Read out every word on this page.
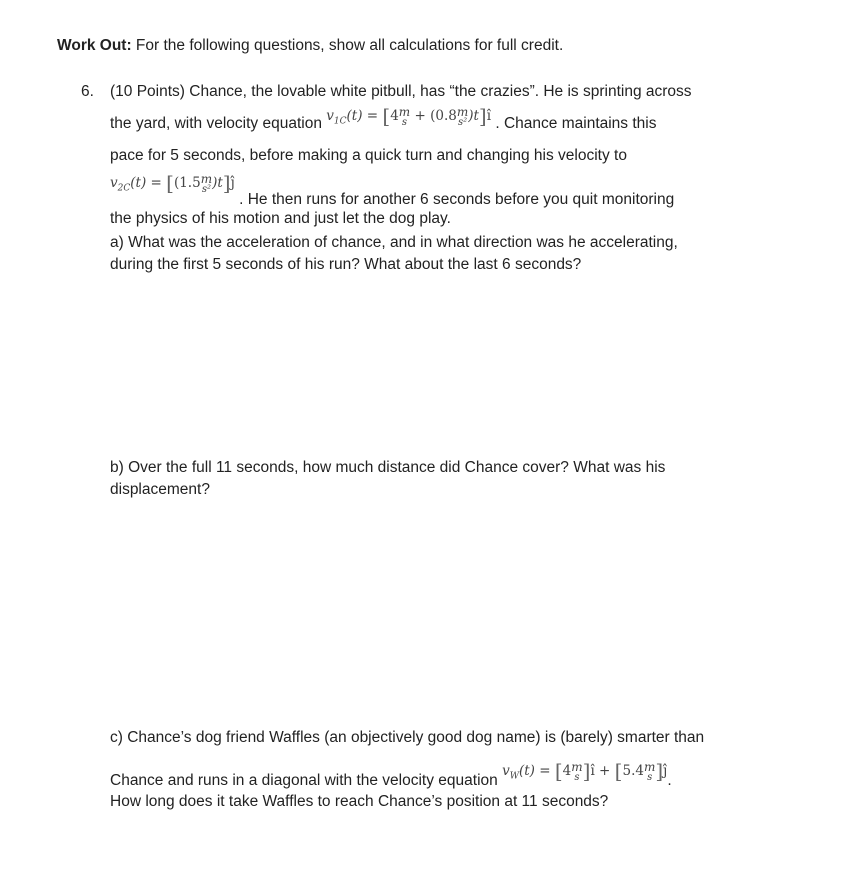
Work Out: For the following questions, show all calculations for full credit.

6. (10 Points) Chance, the lovable white pitbull, has “the crazies”. He is sprinting across
the yard, with velocity equation $v_{1C}(t) = [4$ m
s + (0.8 m
s² )t]î . Chance maintains this
pace for 5 seconds, before making a quick turn and changing his velocity to
$v_{2C}(t) = [(1.5$ m
s² )t]ĵ . He then runs for another 6 seconds before you quit monitoring
the physics of his motion and just let the dog play.
a) What was the acceleration of chance, and in what direction was he accelerating,
during the first 5 seconds of his run? What about the last 6 seconds?
b) Over the full 11 seconds, how much distance did Chance cover? What was his
displacement?
c) Chance’s dog friend Waffles (an objectively good dog name) is (barely) smarter than
Chance and runs in a diagonal with the velocity equation $v_W(t) = [4$ m
s ]î + [5.4 m
s ]ĵ.
How long does it take Waffles to reach Chance’s position at 11 seconds?
